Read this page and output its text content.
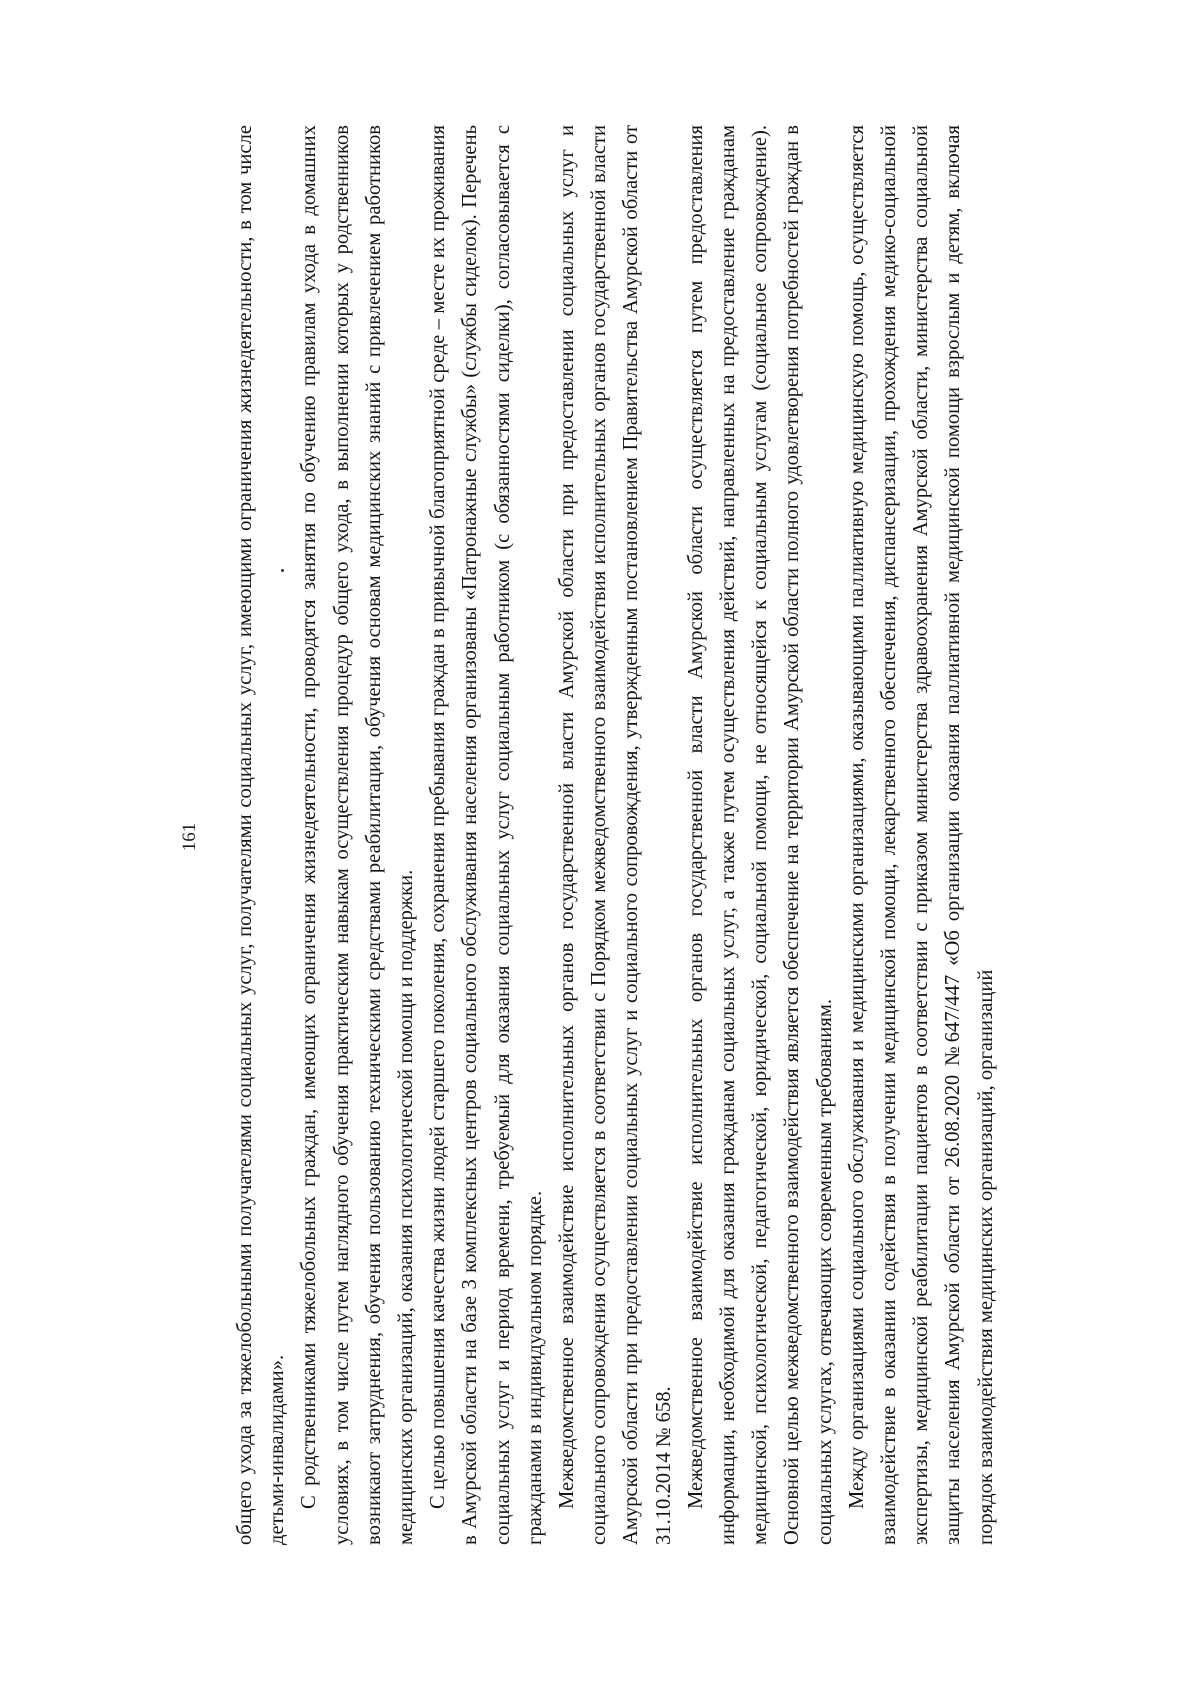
161 общего ухода за тяжелобольными получателями социальных услуг, получателями социальных услуг, имеющими ограничения жизнедеятельности, в том числе детьми-инвалидами». С родственниками тяжелобольных граждан, имеющих ограничения жизнедеятельности, проводятся занятия по обучению правилам ухода в домашних условиях, в том числе путем наглядного обучения практическим навыкам осуществления процедур общего ухода, в выполнении которых у родственников возникают затруднения, обучения пользованию техническими средствами реабилитации, обучения основам медицинских знаний с привлечением работников медицинских организаций, оказания психологической помощи и поддержки. С целью повышения качества жизни людей старшего поколения, сохранения пребывания граждан в привычной благоприятной среде – месте их проживания в Амурской области на базе 3 комплексных центров социального обслуживания населения организованы «Патронажные службы» (службы сиделок). Перечень социальных услуг и период времени, требуемый для оказания социальных услуг социальным работником (с обязанностями сиделки), согласовывается с гражданами в индивидуальном порядке. Межведомственное взаимодействие исполнительных органов государственной власти Амурской области при предоставлении социальных услуг и социального сопровождения осуществляется в соответствии с Порядком межведомственного взаимодействия исполнительных органов государственной власти Амурской области при предоставлении социальных услуг и социального сопровождения, утвержденным постановлением Правительства Амурской области от 31.10.2014 № 658. Межведомственное взаимодействие исполнительных органов государственной власти Амурской области осуществляется путем предоставления информации, необходимой для оказания гражданам социальных услуг, а также путем осуществления действий, направленных на предоставление гражданам медицинской, психологической, педагогической, юридической, социальной помощи, не относящейся к социальным услугам (социальное сопровождение). Основной целью межведомственного взаимодействия является обеспечение на территории Амурской области полного удовлетворения потребностей граждан в социальных услугах, отвечающих современным требованиям. Между организациями социального обслуживания и медицинскими организациями, оказывающими паллиативную медицинскую помощь, осуществляется взаимодействие в оказании содействия в получении медицинской помощи, лекарственного обеспечения, диспансеризации, прохождения медико-социальной экспертизы, медицинской реабилитации пациентов в соответствии с приказом министерства здравоохранения Амурской области, министерства социальной защиты населения Амурской области от 26.08.2020 №647/447 «Об организации оказания паллиативной медицинской помощи взрослым и детям, включая порядок взаимодействия медицинских организаций, организаций
